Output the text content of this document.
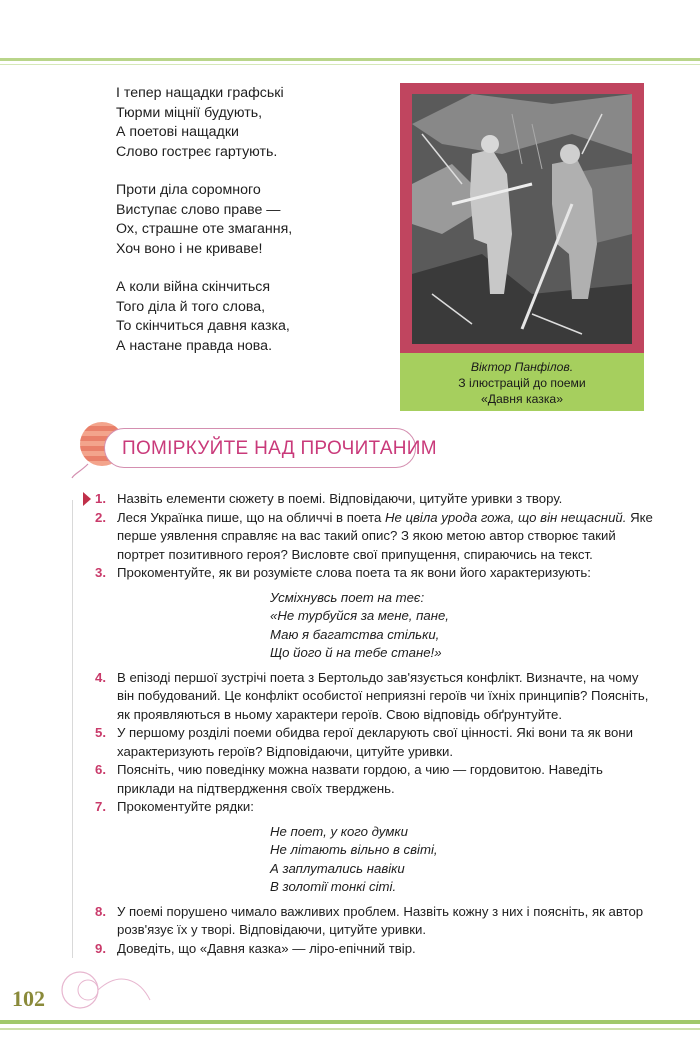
І тепер нащадки графські
Тюрми міцнії будують,
А поетові нащадки
Слово гостреє гартують.
Проти діла соромного
Виступає слово праве —
Ох, страшне оте змагання,
Хоч воно і не криваве!
А коли війна скінчиться
Того діла й того слова,
То скінчиться давня казка,
А настане правда нова.
Віктор Панфілов.
З ілюстрацій до поеми
«Давня казка»
ПОМІРКУЙТЕ НАД ПРОЧИТАНИМ

1. Назвіть елементи сюжету в поемі. Відповідаючи, цитуйте уривки з твору.

2. Леся Українка пише, що на обличчі в поета Не цвіла урода гожа, що він нещасний. Яке перше уявлення справляє на вас такий опис? З якою метою автор створює такий портрет позитивного героя? Висловте свої припущення, спираючись на текст.

3. Прокоментуйте, як ви розумієте слова поета та як вони його характеризують:

Усміхнувсь поет на теє:
«Не турбуйся за мене, пане,
Маю я багатства стільки,
Що його й на тебе стане!»

4. В епізоді першої зустрічі поета з Бертольдо зав'язується конфлікт. Визначте, на чому він побудований. Це конфлікт особистої неприязні героїв чи їхніх принципів? Поясніть, як проявляються в ньому характери героїв. Свою відповідь обґрунтуйте.

5. У першому розділі поеми обидва герої декларують свої цінності. Які вони та як вони характеризують героїв? Відповідаючи, цитуйте уривки.

6. Поясніть, чию поведінку можна назвати гордою, а чию — гордовитою. Наведіть приклади на підтвердження своїх тверджень.

7. Прокоментуйте рядки:

Не поет, у кого думки
Не літають вільно в світі,
А заплутались навіки
В золотії тонкі сіті.

8. У поемі порушено чимало важливих проблем. Назвіть кожну з них і поясніть, як автор розв'язує їх у творі. Відповідаючи, цитуйте уривки.

9. Доведіть, що «Давня казка» — ліро-епічний твір.

102
